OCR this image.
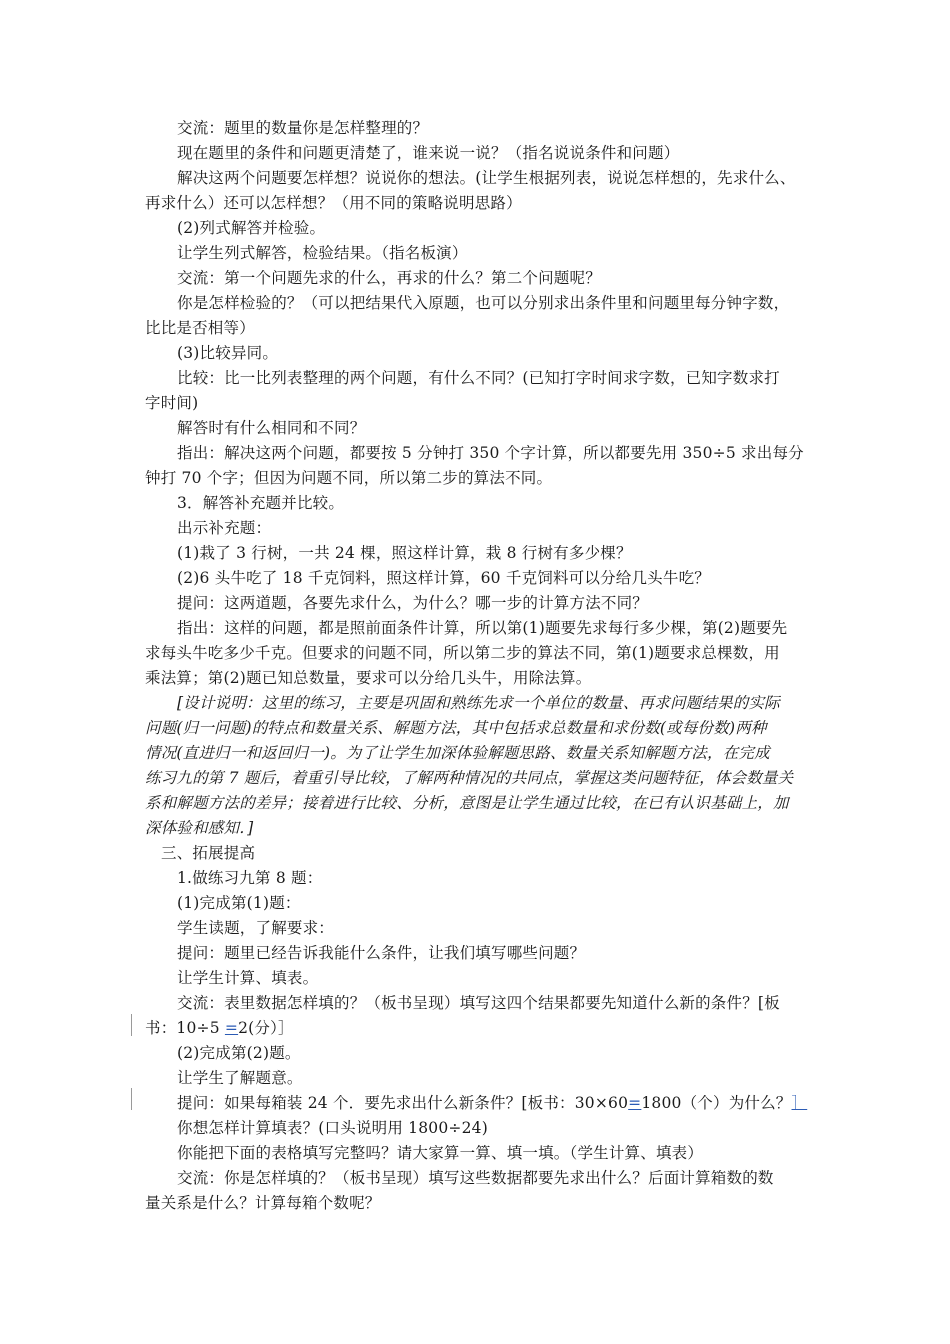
交流：题里的数量你是怎样整理的？
现在题里的条件和问题更清楚了，谁来说一说？（指名说说条件和问题）
解决这两个问题要怎样想？说说你的想法。(让学生根据列表，说说怎样想的，先求什么、
再求什么）还可以怎样想？（用不同的策略说明思路）
(2)列式解答并检验。
让学生列式解答，检验结果。（指名板演）
交流：第一个问题先求的什么，再求的什么？第二个问题呢？
你是怎样检验的？（可以把结果代入原题，也可以分别求出条件里和问题里每分钟字数，
比比是否相等）
(3)比较异同。
比较：比一比列表整理的两个问题，有什么不同？(已知打字时间求字数，已知字数求打
字时间)
解答时有什么相同和不同？
指出：解决这两个问题，都要按 5 分钟打 350 个字计算，所以都要先用 350÷5 求出每分
钟打 70 个字；但因为问题不同，所以第二步的算法不同。
3．解答补充题并比较。
出示补充题：
(1)栽了 3 行树，一共 24 棵，照这样计算，栽 8 行树有多少棵？
(2)6 头牛吃了 18 千克饲料，照这样计算，60 千克饲料可以分给几头牛吃？
提问：这两道题，各要先求什么，为什么？哪一步的计算方法不同？
指出：这样的问题，都是照前面条件计算，所以第(1)题要先求每行多少棵，第(2)题要先
求每头牛吃多少千克。但要求的问题不同，所以第二步的算法不同，第(1)题要求总棵数，用
乘法算；第(2)题已知总数量，要求可以分给几头牛，用除法算。
[设计说明：这里的练习，主要是巩固和熟练先求一个单位的数量、再求问题结果的实际
问题(归一问题)的特点和数量关系、解题方法，其中包括求总数量和求份数(或每份数)两种
情况(直进归一和返回归一)。为了让学生加深体验解题思路、数量关系知解题方法，在完成
练习九的第 7 题后，着重引导比较，了解两种情况的共同点，掌握这类问题特征，体会数量关
系和解题方法的差异；接着进行比较、分析，意图是让学生通过比较，在已有认识基础上，加
深体验和感知．]
三、拓展提高
1.做练习九第 8 题：
(1)完成第(1)题：
学生读题，了解要求：
提问：题里已经告诉我能什么条件，让我们填写哪些问题？
让学生计算、填表。
交流：表里数据怎样填的？（板书呈现）填写这四个结果都要先知道什么新的条件？[板
书：10÷5 =2(分）］
(2)完成第(2)题。
让学生了解题意。
提问：如果每箱装 24 个．要先求出什么新条件？[板书：30×60=1800（个）为什么？］
你想怎样计算填表？(口头说明用 1800÷24)
你能把下面的表格填写完整吗？请大家算一算、填一填。（学生计算、填表）
交流：你是怎样填的？（板书呈现）填写这些数据都要先求出什么？后面计算箱数的数
量关系是什么？计算每箱个数呢？
